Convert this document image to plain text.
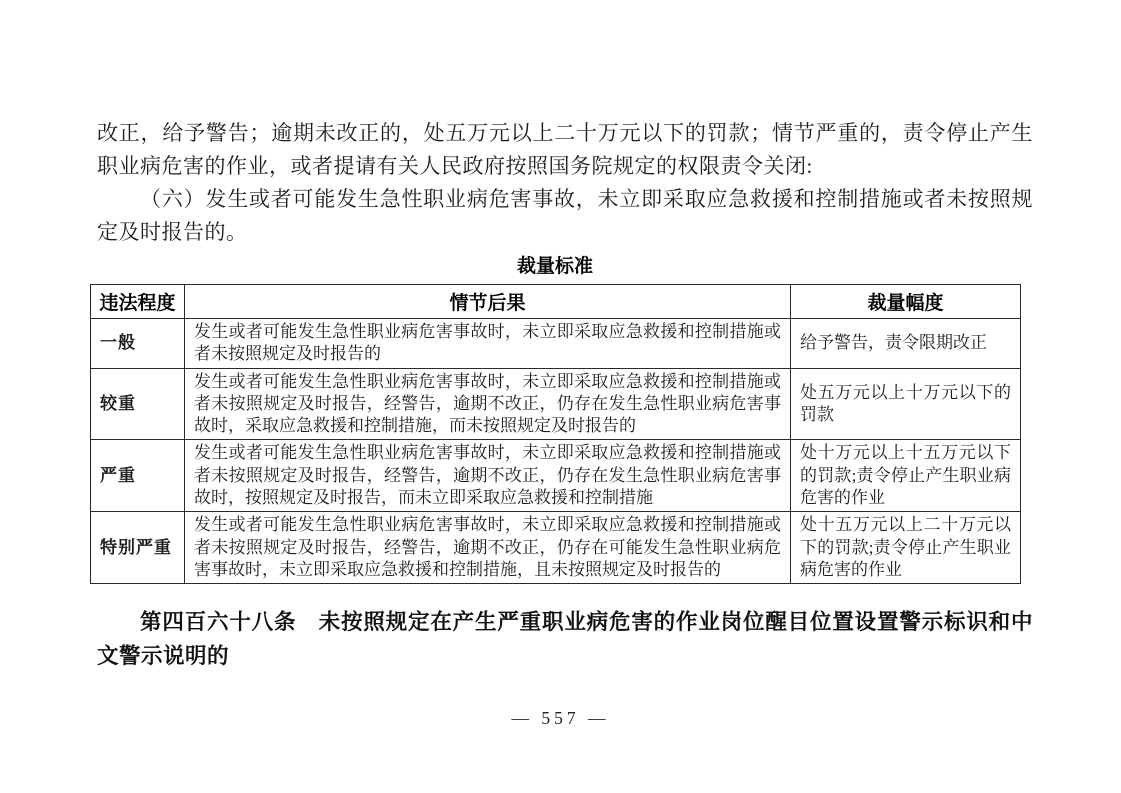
改正，给予警告；逾期未改正的，处五万元以上二十万元以下的罚款；情节严重的，责令停止产生职业病危害的作业，或者提请有关人民政府按照国务院规定的权限责令关闭:

（六）发生或者可能发生急性职业病危害事故，未立即采取应急救援和控制措施或者未按照规定及时报告的。

裁量标准
违法程度	情节后果	裁量幅度
一般	发生或者可能发生急性职业病危害事故时，未立即采取应急救援和控制措施或者未按照规定及时报告的	给予警告，责令限期改正
较重	发生或者可能发生急性职业病危害事故时，未立即采取应急救援和控制措施或者未按照规定及时报告，经警告，逾期不改正，仍存在发生急性职业病危害事故时，采取应急救援和控制措施，而未按照规定及时报告的	处五万元以上十万元以下的罚款
严重	发生或者可能发生急性职业病危害事故时，未立即采取应急救援和控制措施或者未按照规定及时报告，经警告，逾期不改正，仍存在发生急性职业病危害事故时，按照规定及时报告，而未立即采取应急救援和控制措施	处十万元以上十五万元以下的罚款;责令停止产生职业病危害的作业
特别严重	发生或者可能发生急性职业病危害事故时，未立即采取应急救援和控制措施或者未按照规定及时报告，经警告，逾期不改正，仍存在可能发生急性职业病危害事故时，未立即采取应急救援和控制措施，且未按照规定及时报告的	处十五万元以上二十万元以下的罚款;责令停止产生职业病危害的作业

第四百六十八条　未按照规定在产生严重职业病危害的作业岗位醒目位置设置警示标识和中文警示说明的

— 557 —
